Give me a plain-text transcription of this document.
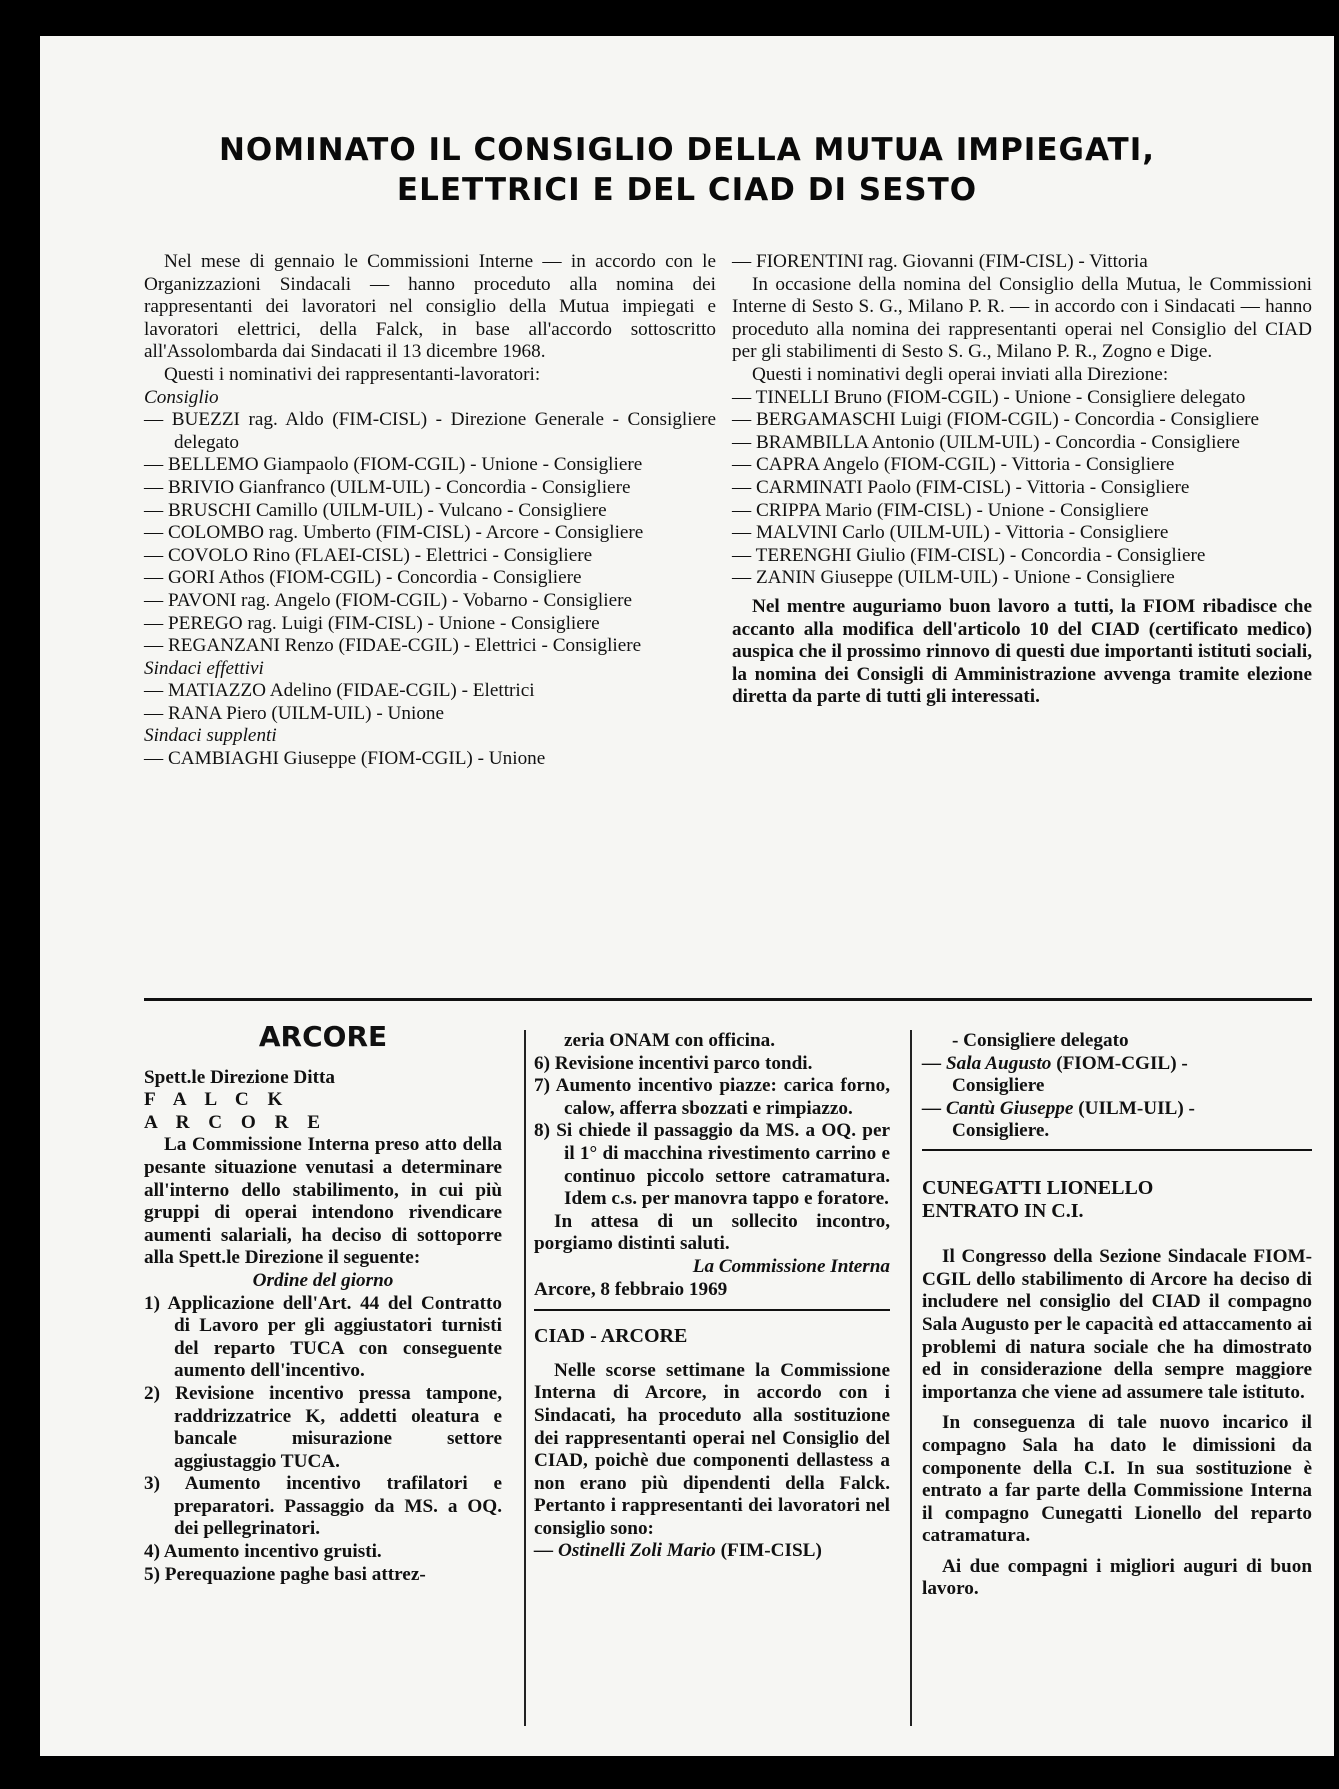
NOMINATO IL CONSIGLIO DELLA MUTUA IMPIEGATI,
ELETTRICI E DEL CIAD DI SESTO

Nel mese di gennaio le Commissioni Interne — in accordo con le Organizzazioni Sindacali — hanno proceduto alla nomina dei rappresentanti dei lavoratori nel consiglio della Mutua impiegati e lavoratori elettrici, della Falck, in base all'accordo sottoscritto all'Assolombarda dai Sindacati il 13 dicembre 1968.

Questi i nominativi dei rappresentanti-lavoratori:

Consiglio

— BUEZZI rag. Aldo (FIM-CISL) - Direzione Generale - Consigliere delegato

— BELLEMO Giampaolo (FIOM-CGIL) - Unione - Consigliere

— BRIVIO Gianfranco (UILM-UIL) - Concordia - Consigliere

— BRUSCHI Camillo (UILM-UIL) - Vulcano - Consigliere

— COLOMBO rag. Umberto (FIM-CISL) - Arcore - Consigliere

— COVOLO Rino (FLAEI-CISL) - Elettrici - Consigliere

— GORI Athos (FIOM-CGIL) - Concordia - Consigliere

— PAVONI rag. Angelo (FIOM-CGIL) - Vobarno - Consigliere

— PEREGO rag. Luigi (FIM-CISL) - Unione - Consigliere

— REGANZANI Renzo (FIDAE-CGIL) - Elettrici - Consigliere

Sindaci effettivi

— MATIAZZO Adelino (FIDAE-CGIL) - Elettrici

— RANA Piero (UILM-UIL) - Unione

Sindaci supplenti

— CAMBIAGHI Giuseppe (FIOM-CGIL) - Unione

— FIORENTINI rag. Giovanni (FIM-CISL) - Vittoria

In occasione della nomina del Consiglio della Mutua, le Commissioni Interne di Sesto S. G., Milano P. R. — in accordo con i Sindacati — hanno proceduto alla nomina dei rappresentanti operai nel Consiglio del CIAD per gli stabilimenti di Sesto S. G., Milano P. R., Zogno e Dige.

Questi i nominativi degli operai inviati alla Direzione:

— TINELLI Bruno (FIOM-CGIL) - Unione - Consigliere delegato

— BERGAMASCHI Luigi (FIOM-CGIL) - Concordia - Consigliere

— BRAMBILLA Antonio (UILM-UIL) - Concordia - Consigliere

— CAPRA Angelo (FIOM-CGIL) - Vittoria - Consigliere

— CARMINATI Paolo (FIM-CISL) - Vittoria - Consigliere

— CRIPPA Mario (FIM-CISL) - Unione - Consigliere

— MALVINI Carlo (UILM-UIL) - Vittoria - Consigliere

— TERENGHI Giulio (FIM-CISL) - Concordia - Consigliere

— ZANIN Giuseppe (UILM-UIL) - Unione - Consigliere

Nel mentre auguriamo buon lavoro a tutti, la FIOM ribadisce che accanto alla modifica dell'articolo 10 del CIAD (certificato medico) auspica che il prossimo rinnovo di questi due importanti istituti sociali, la nomina dei Consigli di Amministrazione avvenga tramite elezione diretta da parte di tutti gli interessati.

ARCORE

Spett.le Direzione Ditta

F A L C K

A R C O R E

La Commissione Interna preso atto della pesante situazione venutasi a determinare all'interno dello stabilimento, in cui più gruppi di operai intendono rivendicare aumenti salariali, ha deciso di sottoporre alla Spett.le Direzione il seguente:

Ordine del giorno

1) Applicazione dell'Art. 44 del Contratto di Lavoro per gli aggiustatori turnisti del reparto TUCA con conseguente aumento dell'incentivo.

2) Revisione incentivo pressa tampone, raddrizzatrice K, addetti oleatura e bancale misurazione settore aggiustaggio TUCA.

3) Aumento incentivo trafilatori e preparatori. Passaggio da MS. a OQ. dei pellegrinatori.

4) Aumento incentivo gruisti.

5) Perequazione paghe basi attrez-

zeria ONAM con officina.

6) Revisione incentivi parco tondi.

7) Aumento incentivo piazze: carica forno, calow, afferra sbozzati e rimpiazzo.

8) Si chiede il passaggio da MS. a OQ. per il 1° di macchina rivestimento carrino e continuo piccolo settore catramatura. Idem c.s. per manovra tappo e foratore.

In attesa di un sollecito incontro, porgiamo distinti saluti.

La Commissione Interna

Arcore, 8 febbraio 1969

CIAD - ARCORE

Nelle scorse settimane la Commissione Interna di Arcore, in accordo con i Sindacati, ha proceduto alla sostituzione dei rappresentanti operai nel Consiglio del CIAD, poichè due componenti dellastess a non erano più dipendenti della Falck. Pertanto i rappresentanti dei lavoratori nel consiglio sono:

— Ostinelli Zoli Mario (FIM-CISL)

- Consigliere delegato

— Sala Augusto (FIOM-CGIL) -

Consigliere

— Cantù Giuseppe (UILM-UIL) -

Consigliere.

CUNEGATTI LIONELLO

ENTRATO IN C.I.

Il Congresso della Sezione Sindacale FIOM-CGIL dello stabilimento di Arcore ha deciso di includere nel consiglio del CIAD il compagno Sala Augusto per le capacità ed attaccamento ai problemi di natura sociale che ha dimostrato ed in considerazione della sempre maggiore importanza che viene ad assumere tale istituto.

In conseguenza di tale nuovo incarico il compagno Sala ha dato le dimissioni da componente della C.I. In sua sostituzione è entrato a far parte della Commissione Interna il compagno Cunegatti Lionello del reparto catramatura.

Ai due compagni i migliori auguri di buon lavoro.
